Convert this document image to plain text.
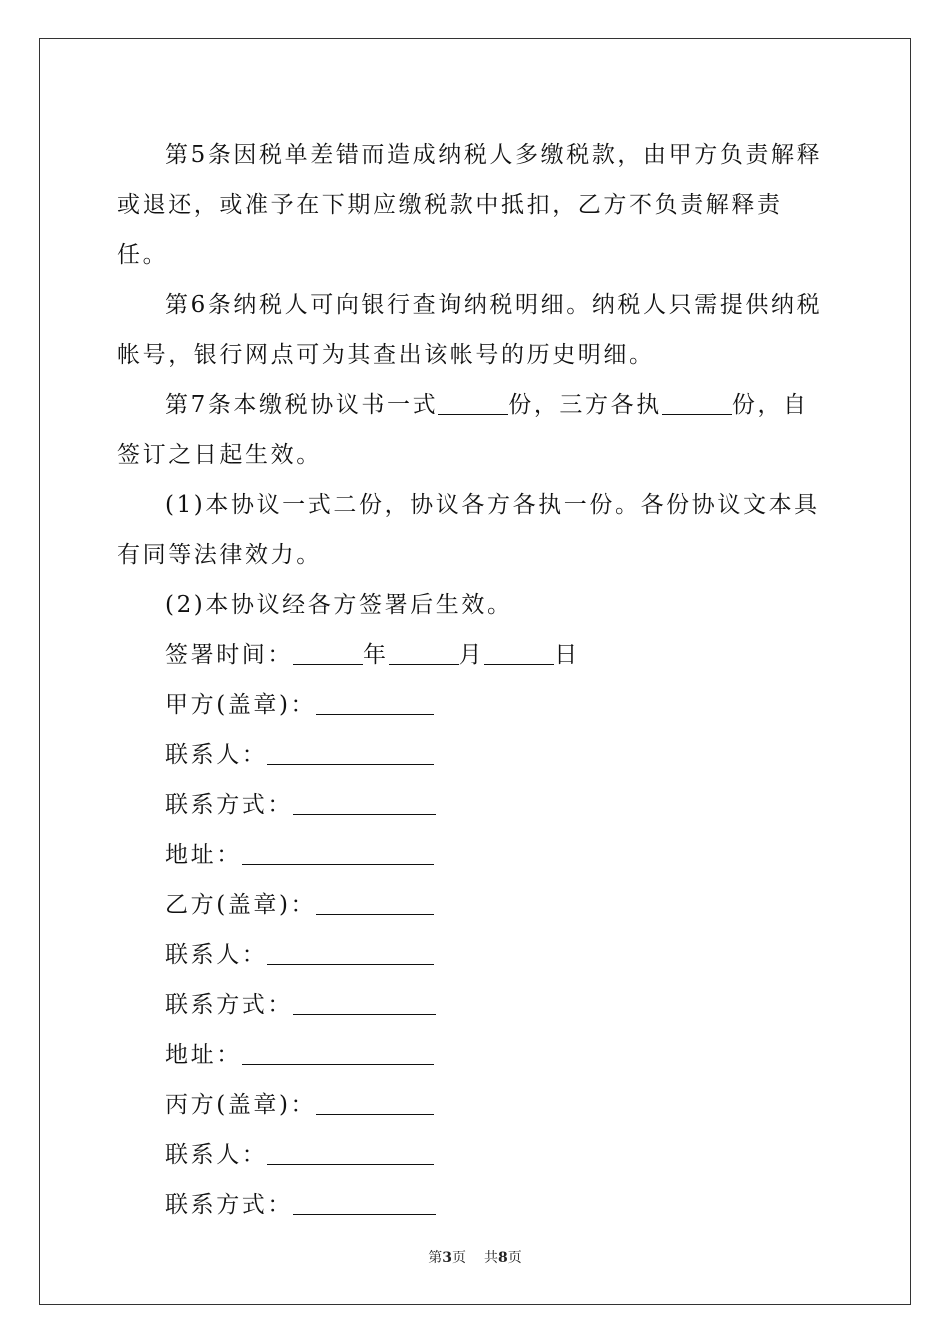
第5条因税单差错而造成纳税人多缴税款，由甲方负责解释或退还，或准予在下期应缴税款中抵扣，乙方不负责解释责任。

第6条纳税人可向银行查询纳税明细。纳税人只需提供纳税帐号，银行网点可为其查出该帐号的历史明细。

第7条本缴税协议书一式	份，三方各执	份，自签订之日起生效。

(1)本协议一式二份，协议各方各执一份。各份协议文本具有同等法律效力。

(2)本协议经各方签署后生效。

签署时间：	年	月	日

甲方(盖章)：

联系人：

联系方式：

地址：

乙方(盖章)：

联系人：

联系方式：

地址：

丙方(盖章)：

联系人：

联系方式：

第3页 共8页
